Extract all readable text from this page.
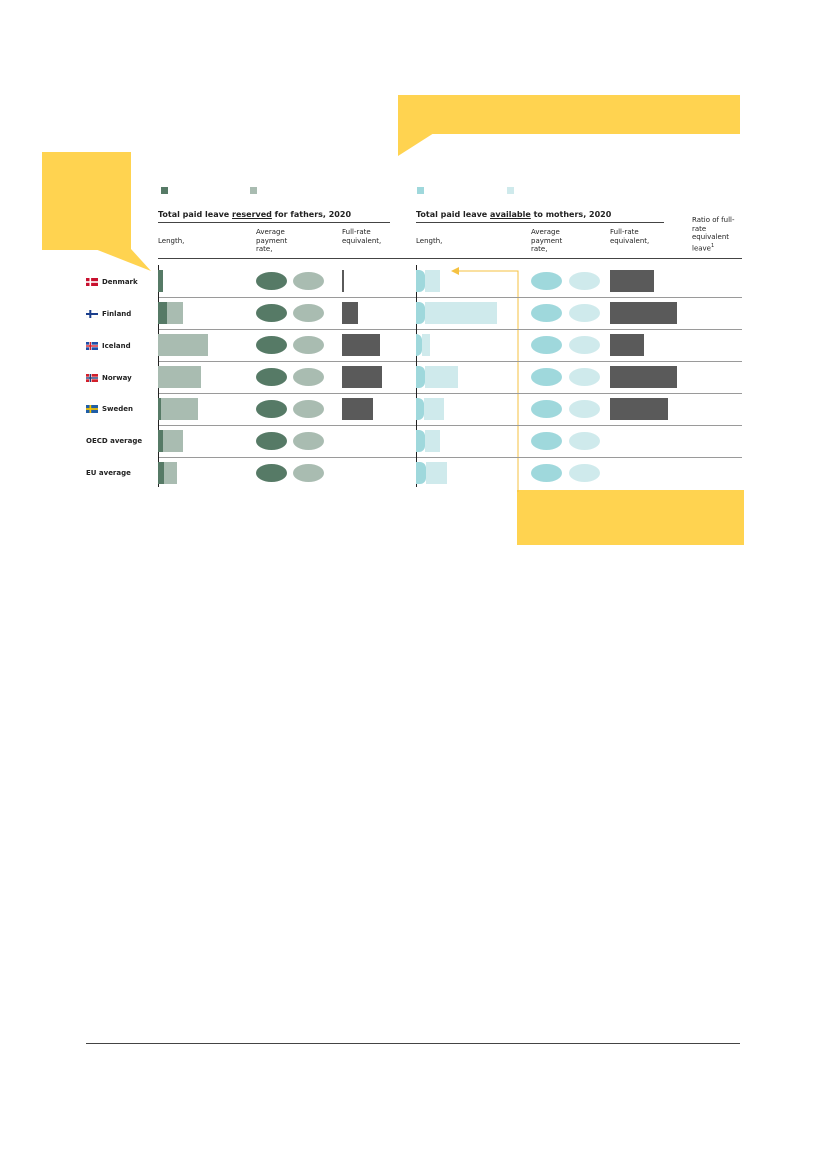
Total paid leave reserved for fathers, 2020	Total paid leave available to mothers, 2020
Length,
Average payment rate,
Full-rate equivalent,	Length,
Average payment rate,
Full-rate equivalent,
Ratio of full-rate equivalent leave$^1$
Denmark
Finland
Iceland
Norway
Sweden
OECD average
EU average
